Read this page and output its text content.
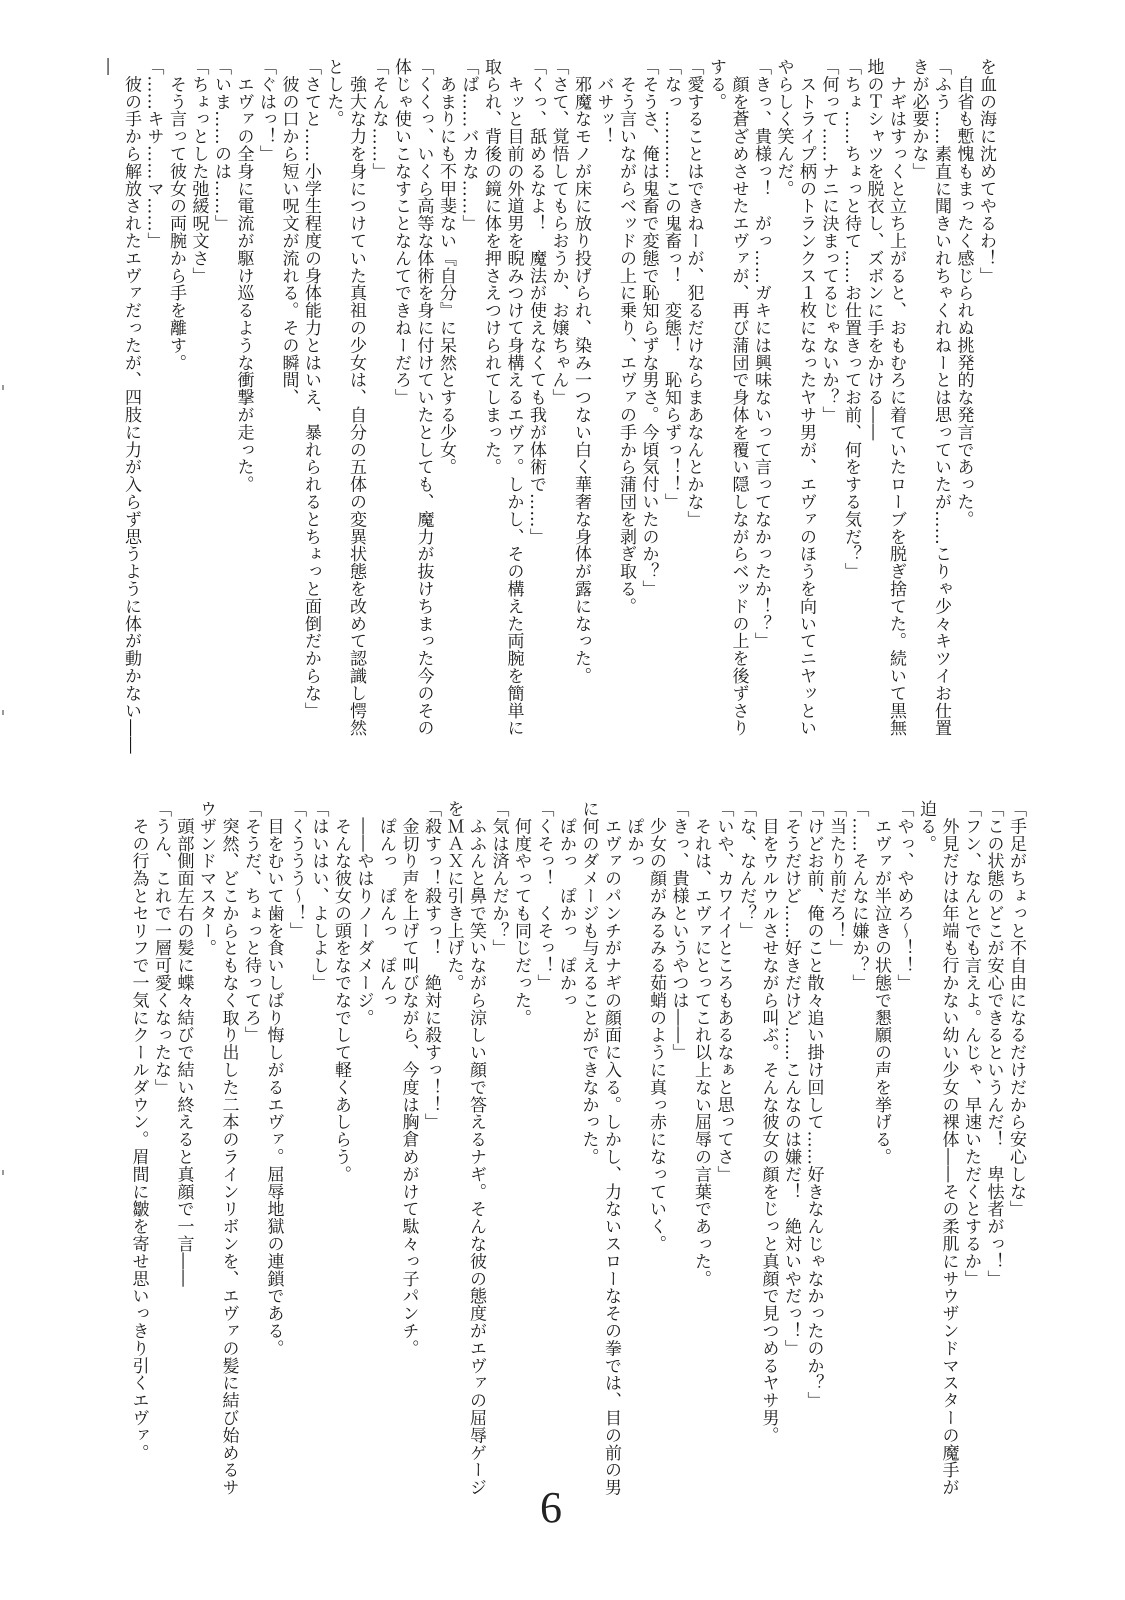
を血の海に沈めてやるわ！」
　自省も慙愧もまったく感じられぬ挑発的な発言であった。
「ふう……素直に聞きいれちゃくれねーとは思っていたが……こりゃ少々キツイお仕置
きが必要かな」
　ナギはすっくと立ち上がると、おもむろに着ていたローブを脱ぎ捨てた。続いて黒無
地のＴシャツを脱衣し、ズボンに手をかける――
「ちょ……ちょっと待て……お仕置きってお前、何をする気だ？」
「何って……ナニに決まってるじゃないか？」
　ストライプ柄のトランクス１枚になったヤサ男が、エヴァのほうを向いてニヤッとい
やらしく笑んだ。
「きっ、貴様っ！　がっ……ガキには興味ないって言ってなかったか！？」
　顔を蒼ざめさせたエヴァが、再び蒲団で身体を覆い隠しながらベッドの上を後ずさり
する。
「愛することはできねーが、犯るだけならまあなんとかな」
「なっ…………この鬼畜っ！　変態！　恥知らずっ！！」
「そうさ、俺は鬼畜で変態で恥知らずな男さ。今頃気付いたのか？」
　そう言いながらベッドの上に乗り、エヴァの手から蒲団を剥ぎ取る。
　バサッ！
　邪魔なモノが床に放り投げられ、染み一つない白く華奢な身体が露になった。
「さて、覚悟してもらおうか、お嬢ちゃん」
「くっ、舐めるなよ！　魔法が使えなくても我が体術で……」
　キッと目前の外道男を睨みつけて身構えるエヴァ。しかし、その構えた両腕を簡単に
取られ、背後の鏡に体を押さえつけられてしまった。
「ば……バカな……」
　あまりにも不甲斐ない『自分』に呆然とする少女。
「くくっ、いくら高等な体術を身に付けていたとしても、魔力が抜けちまった今のその
体じゃ使いこなすことなんてできねーだろ」
「そんな……」
　強大な力を身につけていた真祖の少女は、自分の五体の変異状態を改めて認識し愕然
とした。
「さてと……小学生程度の身体能力とはいえ、暴れられるとちょっと面倒だからな」
　彼の口から短い呪文が流れる。その瞬間、
「ぐはっ！」
　エヴァの全身に電流が駆け巡るような衝撃が走った。
「いま……のは……」
「ちょっとした弛緩呪文さ」
　そう言って彼女の両腕から手を離す。
「……キサ……マ……」
　彼の手から解放されたエヴァだったが、四肢に力が入らず思うように体が動かない――
―
「手足がちょっと不自由になるだけだから安心しな」
「この状態のどこが安心できるというんだ！　卑怯者がっ！」
「フン、なんとでも言えよ。んじゃ、早速いただくとするか」
　外見だけは年端も行かない幼い少女の裸体――その柔肌にサウザンドマスターの魔手が
迫る。
「やっ、やめろ～！！」
　エヴァが半泣きの状態で懇願の声を挙げる。
「……そんなに嫌か？」
「当たり前だろ！」
「けどお前、俺のこと散々追い掛け回して……好きなんじゃなかったのか？」
「そうだけど……好きだけど……こんなのは嫌だ！　絶対いやだっ！」
　目をウルウルさせながら叫ぶ。そんな彼女の顔をじっと真顔で見つめるヤサ男。
「な、なんだ？」
「いや、カワイイところもあるなぁと思ってさ」
　それは、エヴァにとってこれ以上ない屈辱の言葉であった。
「きっ、貴様というやつは――」
　少女の顔がみるみる茹蛸のように真っ赤になっていく。
　ぽかっ
　エヴァのパンチがナギの顔面に入る。しかし、力ないスローなその拳では、目の前の男
に何のダメージも与えることができなかった。
　ぽかっ　ぽかっ　ぽかっ
「くそっ！　くそっ！」
　何度やっても同じだった。
「気は済んだか？」
　ふふんと鼻で笑いながら涼しい顔で答えるナギ。そんな彼の態度がエヴァの屈辱ゲージ
をＭＡＸに引き上げた。
「殺すっ！殺すっ！　絶対に殺すっ！！」
　金切り声を上げて叫びながら、今度は胸倉めがけて駄々っ子パンチ。
　ぽんっ　ぽんっ　ぽんっ
　――やはりノーダメージ。
　そんな彼女の頭をなでなでして軽くあしらう。
「はいはい、よしよし」
「くううう～！」
　目をむいて歯を食いしばり悔しがるエヴァ。屈辱地獄の連鎖である。
「そうだ、ちょっと待ってろ」
　突然、どこからともなく取り出した二本のラインリボンを、エヴァの髪に結び始めるサ
ウザンドマスター。
　頭部側面左右の髪に蝶々結びで結い終えると真顔で一言――
「うん、これで一層可愛くなったな」
　その行為とセリフで一気にクールダウン。眉間に皺を寄せ思いっきり引くエヴァ。
6
